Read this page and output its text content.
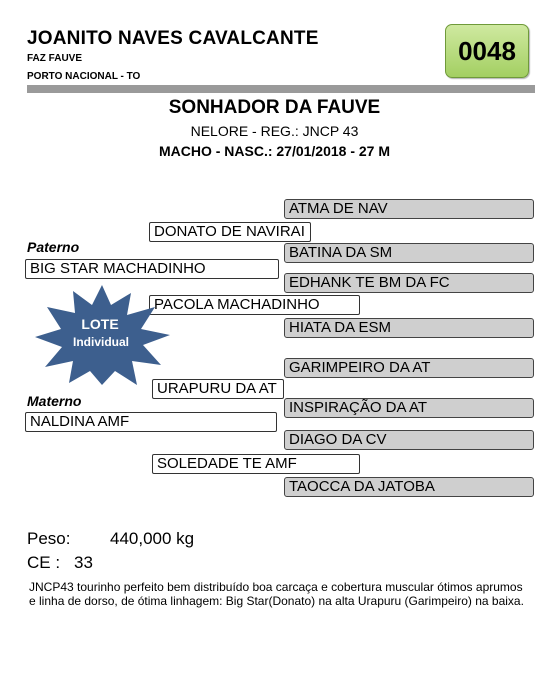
JOANITO NAVES CAVALCANTE
FAZ FAUVE
PORTO NACIONAL - TO
0048
SONHADOR DA FAUVE
NELORE - REG.: JNCP 43
MACHO - NASC.: 27/01/2018 - 27 M
Paterno
Materno
BIG STAR MACHADINHO
NALDINA AMF
DONATO DE NAVIRAI
PACOLA MACHADINHO
URAPURU DA AT
SOLEDADE TE AMF
ATMA DE NAV
BATINA DA SM
EDHANK TE BM DA FC
HIATA DA ESM
GARIMPEIRO DA AT
INSPIRAÇÃO DA AT
DIAGO DA CV
TAOCCA DA JATOBA
LOTE
Individual
Peso: 440,000 kg
CE : 33
JNCP43 tourinho perfeito bem distribuído boa carcaça e cobertura muscular ótimos aprumos e linha de dorso, de ótima linhagem: Big Star(Donato) na alta Urapuru (Garimpeiro) na baixa.
